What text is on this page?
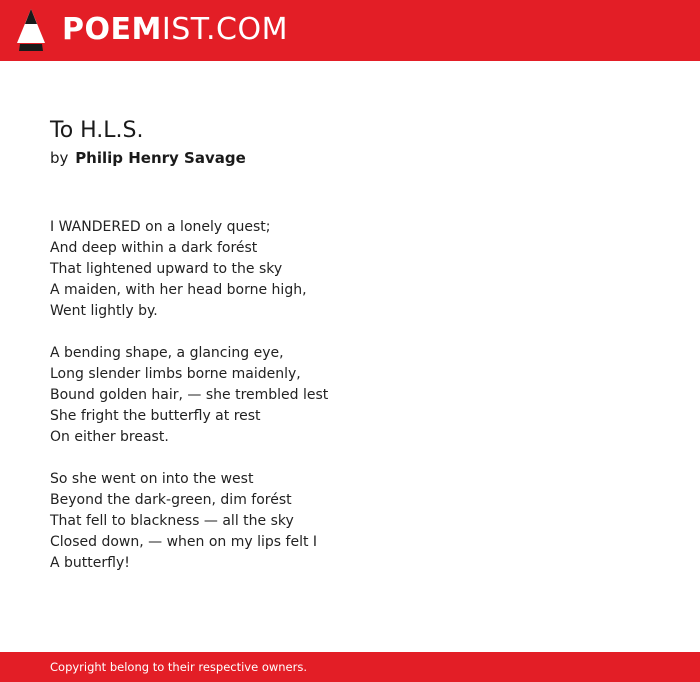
POEMIST.COM
To H.L.S.
by Philip Henry Savage
I WANDERED on a lonely quest;
And deep within a dark forést
That lightened upward to the sky
A maiden, with her head borne high,
Went lightly by.
A bending shape, a glancing eye,
Long slender limbs borne maidenly,
Bound golden hair, — she trembled lest
She fright the butterfly at rest
On either breast.
So she went on into the west
Beyond the dark-green, dim forést
That fell to blackness — all the sky
Closed down, — when on my lips felt I
A butterfly!
Copyright belong to their respective owners.
